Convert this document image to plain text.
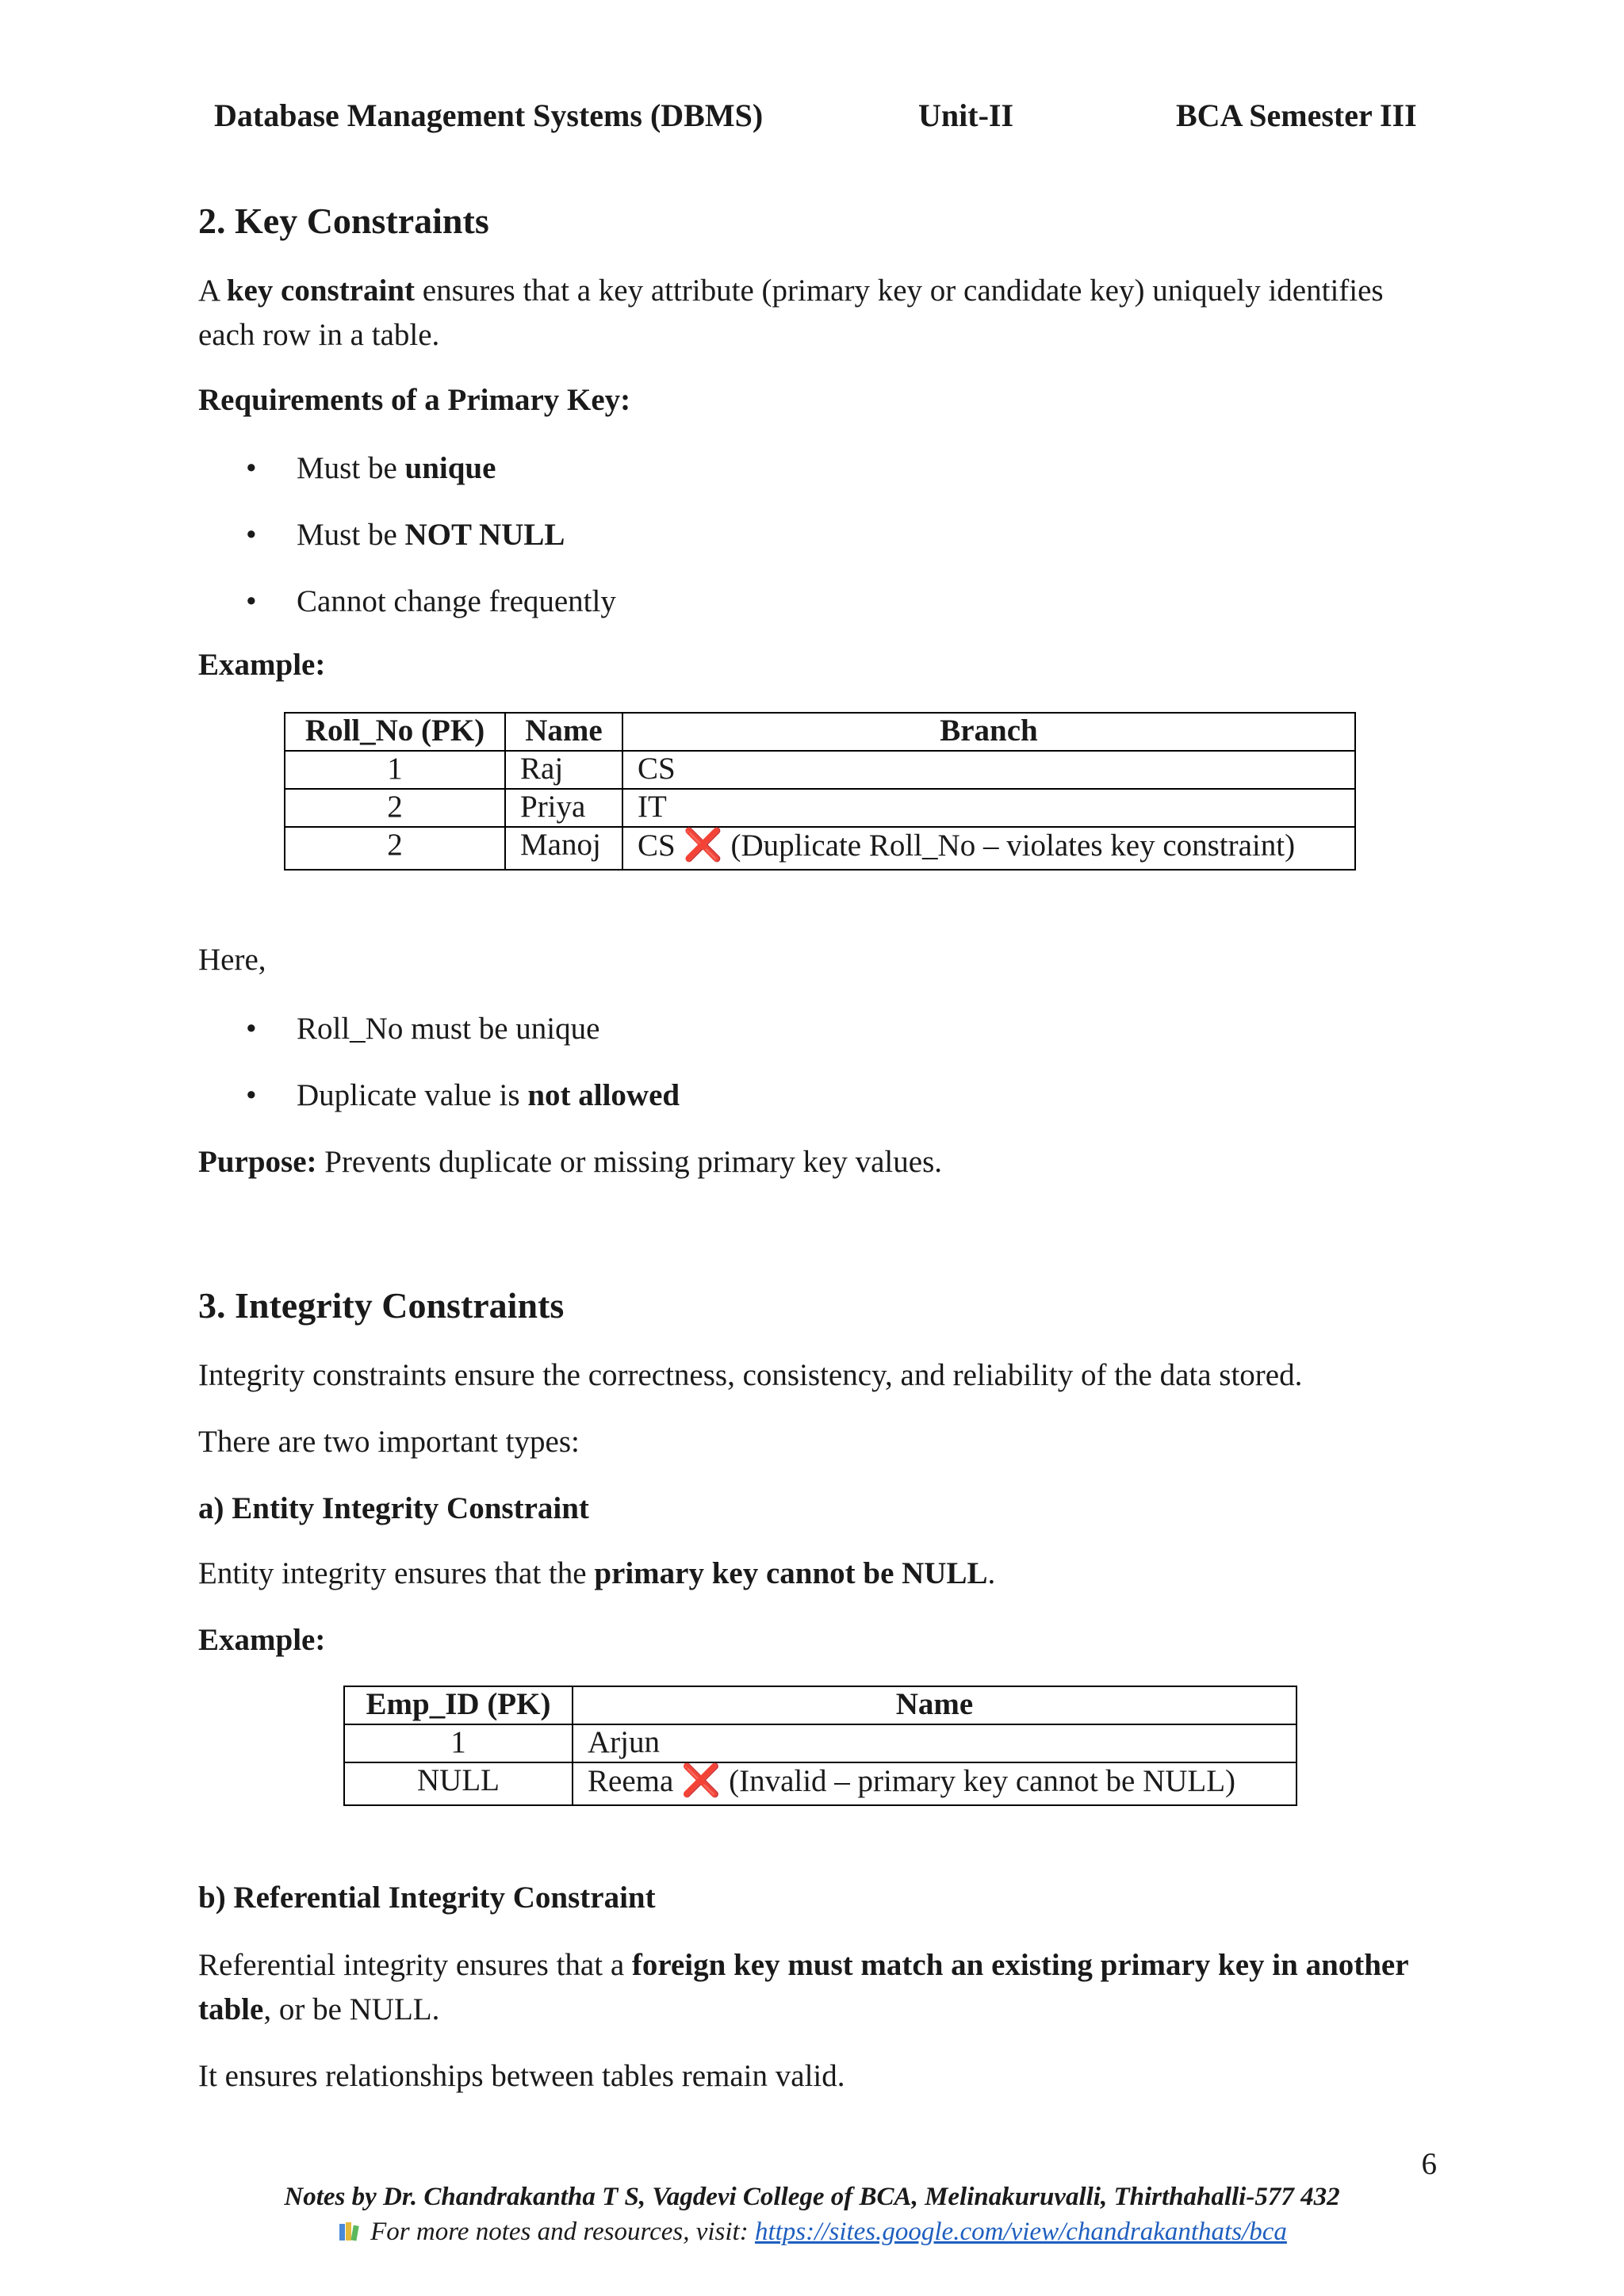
Database Management Systems (DBMS)	Unit-II	BCA Semester III
2. Key Constraints

A key constraint ensures that a key attribute (primary key or candidate key) uniquely identifies each row in a table.

Requirements of a Primary Key:

• Must be unique
• Must be NOT NULL
• Cannot change frequently

Example:

Roll_No (PK)	Name	Branch
1	Raj	CS
2	Priya	IT
2	Manoj	CS ❌ (Duplicate Roll_No – violates key constraint)

Here,

• Roll_No must be unique
• Duplicate value is not allowed

Purpose: Prevents duplicate or missing primary key values.

3. Integrity Constraints

Integrity constraints ensure the correctness, consistency, and reliability of the data stored.

There are two important types:

a) Entity Integrity Constraint

Entity integrity ensures that the primary key cannot be NULL.

Example:

Emp_ID (PK)	Name
1	Arjun
NULL	Reema ❌ (Invalid – primary key cannot be NULL)

b) Referential Integrity Constraint

Referential integrity ensures that a foreign key must match an existing primary key in another table, or be NULL.

It ensures relationships between tables remain valid.

6
Notes by Dr. Chandrakantha T S, Vagdevi College of BCA, Melinakuruvalli, Thirthahalli-577 432
For more notes and resources, visit: https://sites.google.com/view/chandrakanthats/bca
